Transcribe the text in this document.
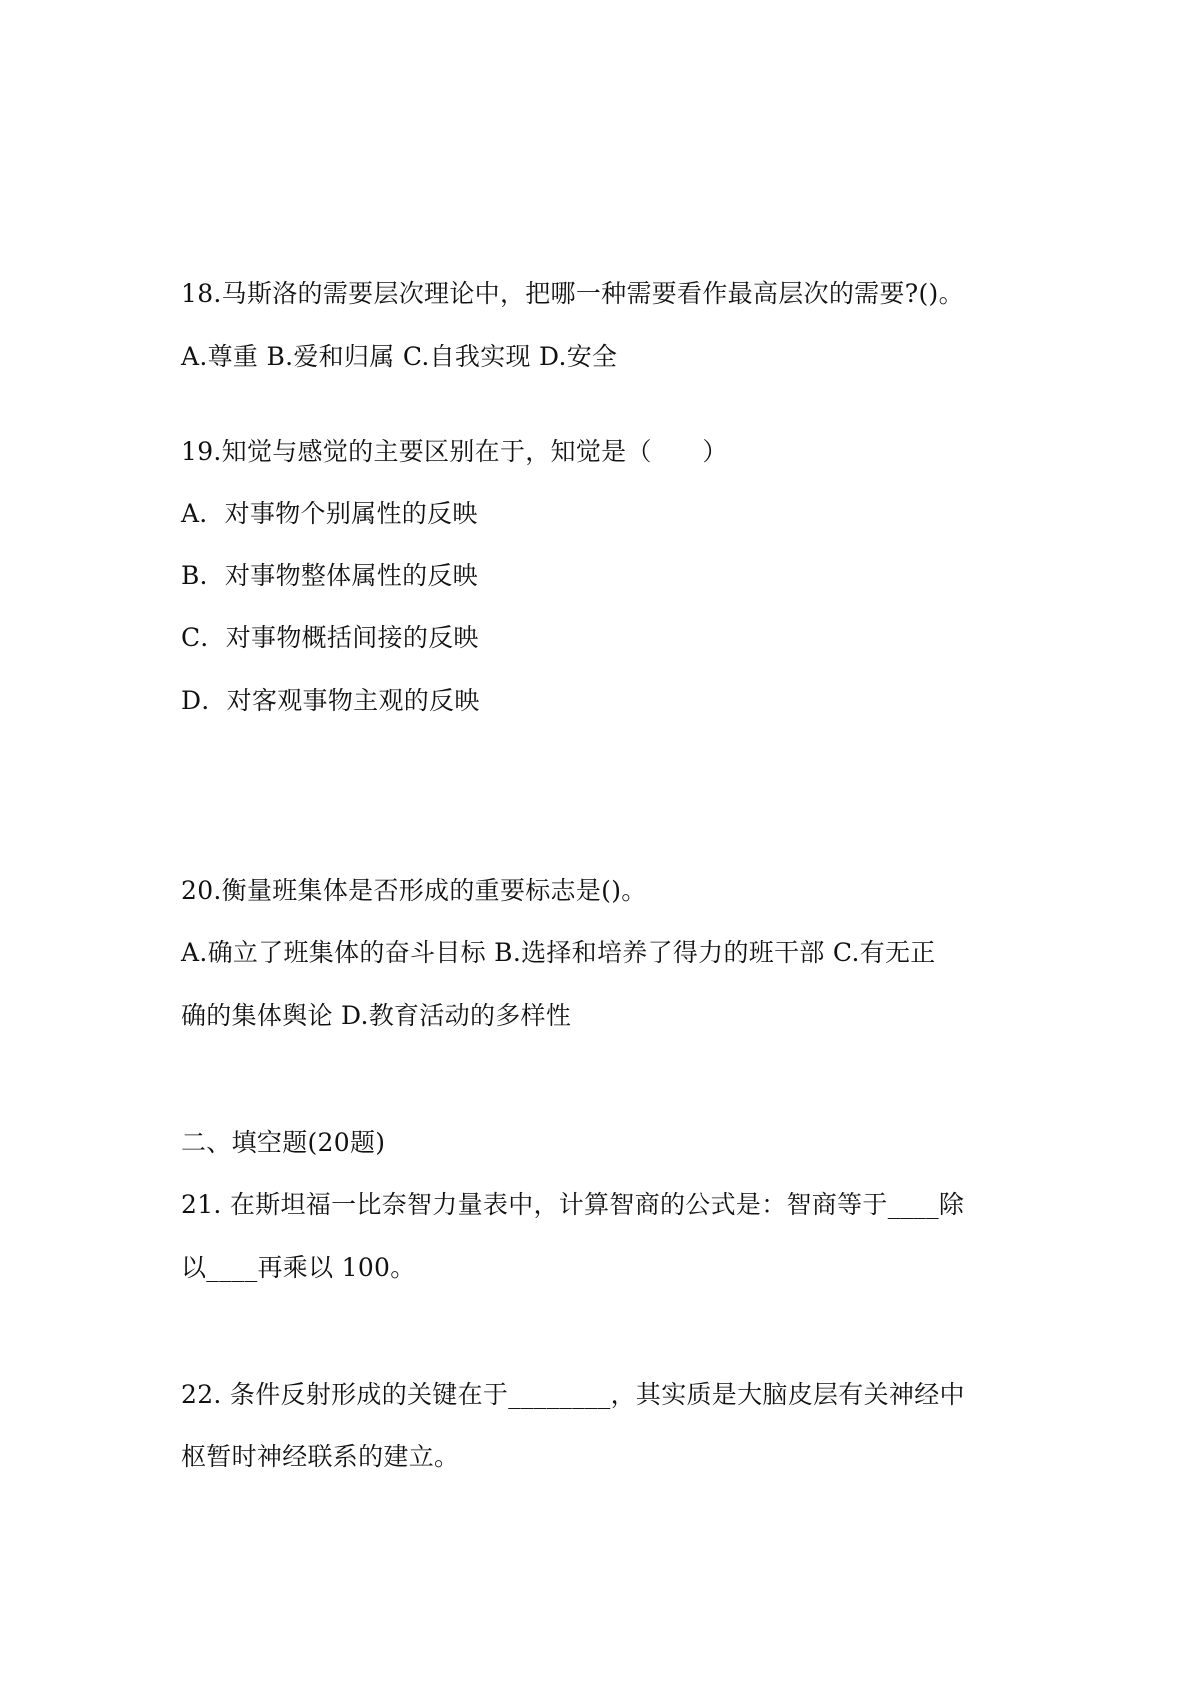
18.马斯洛的需要层次理论中，把哪一种需要看作最高层次的需要?()。

A.尊重 B.爱和归属 C.自我实现 D.安全

19.知觉与感觉的主要区别在于，知觉是（　　）

A．对事物个别属性的反映

B．对事物整体属性的反映

C．对事物概括间接的反映

D．对客观事物主观的反映

20.衡量班集体是否形成的重要标志是()。

A.确立了班集体的奋斗目标 B.选择和培养了得力的班干部 C.有无正

确的集体舆论 D.教育活动的多样性

二、填空题(20题)

21. 在斯坦福一比奈智力量表中，计算智商的公式是：智商等于____除

以____再乘以 100。

22. 条件反射形成的关键在于________，其实质是大脑皮层有关神经中

枢暂时神经联系的建立。
